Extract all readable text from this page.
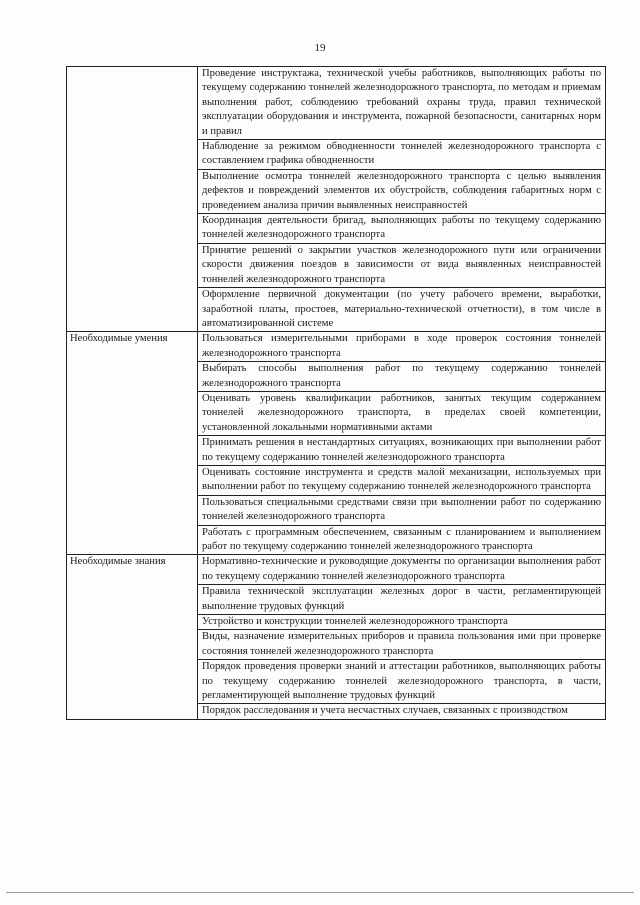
19
	Проведение инструктажа, технической учебы работников, выполняющих работы по текущему содержанию тоннелей железнодорожного транспорта, по методам и приемам выполнения работ, соблюдению требований охраны труда, правил технической эксплуатации оборудования и инструмента, пожарной безопасности, санитарных норм и правил
	Наблюдение за режимом обводненности тоннелей железнодорожного транспорта с составлением графика обводненности
	Выполнение осмотра тоннелей железнодорожного транспорта с целью выявления дефектов и повреждений элементов их обустройств, соблюдения габаритных норм с проведением анализа причин выявленных неисправностей
	Координация деятельности бригад, выполняющих работы по текущему содержанию тоннелей железнодорожного транспорта
	Принятие решений о закрытии участков железнодорожного пути или ограничении скорости движения поездов в зависимости от вида выявленных неисправностей тоннелей железнодорожного транспорта
	Оформление первичной документации (по учету рабочего времени, выработки, заработной платы, простоев, материально-технической отчетности), в том числе в автоматизированной системе
Необходимые умения	Пользоваться измерительными приборами в ходе проверок состояния тоннелей железнодорожного транспорта
	Выбирать способы выполнения работ по текущему содержанию тоннелей железнодорожного транспорта
	Оценивать уровень квалификации работников, занятых текущим содержанием тоннелей железнодорожного транспорта, в пределах своей компетенции, установленной локальными нормативными актами
	Принимать решения в нестандартных ситуациях, возникающих при выполнении работ по текущему содержанию тоннелей железнодорожного транспорта
	Оценивать состояние инструмента и средств малой механизации, используемых при выполнении работ по текущему содержанию тоннелей железнодорожного транспорта
	Пользоваться специальными средствами связи при выполнении работ по содержанию тоннелей железнодорожного транспорта
	Работать с программным обеспечением, связанным с планированием и выполнением работ по текущему содержанию тоннелей железнодорожного транспорта
Необходимые знания	Нормативно-технические и руководящие документы по организации выполнения работ по текущему содержанию тоннелей железнодорожного транспорта
	Правила технической эксплуатации железных дорог в части, регламентирующей выполнение трудовых функций
	Устройство и конструкции тоннелей железнодорожного транспорта
	Виды, назначение измерительных приборов и правила пользования ими при проверке состояния тоннелей железнодорожного транспорта
	Порядок проведения проверки знаний и аттестации работников, выполняющих работы по текущему содержанию тоннелей железнодорожного транспорта, в части, регламентирующей выполнение трудовых функций
	Порядок расследования и учета несчастных случаев, связанных с производством
